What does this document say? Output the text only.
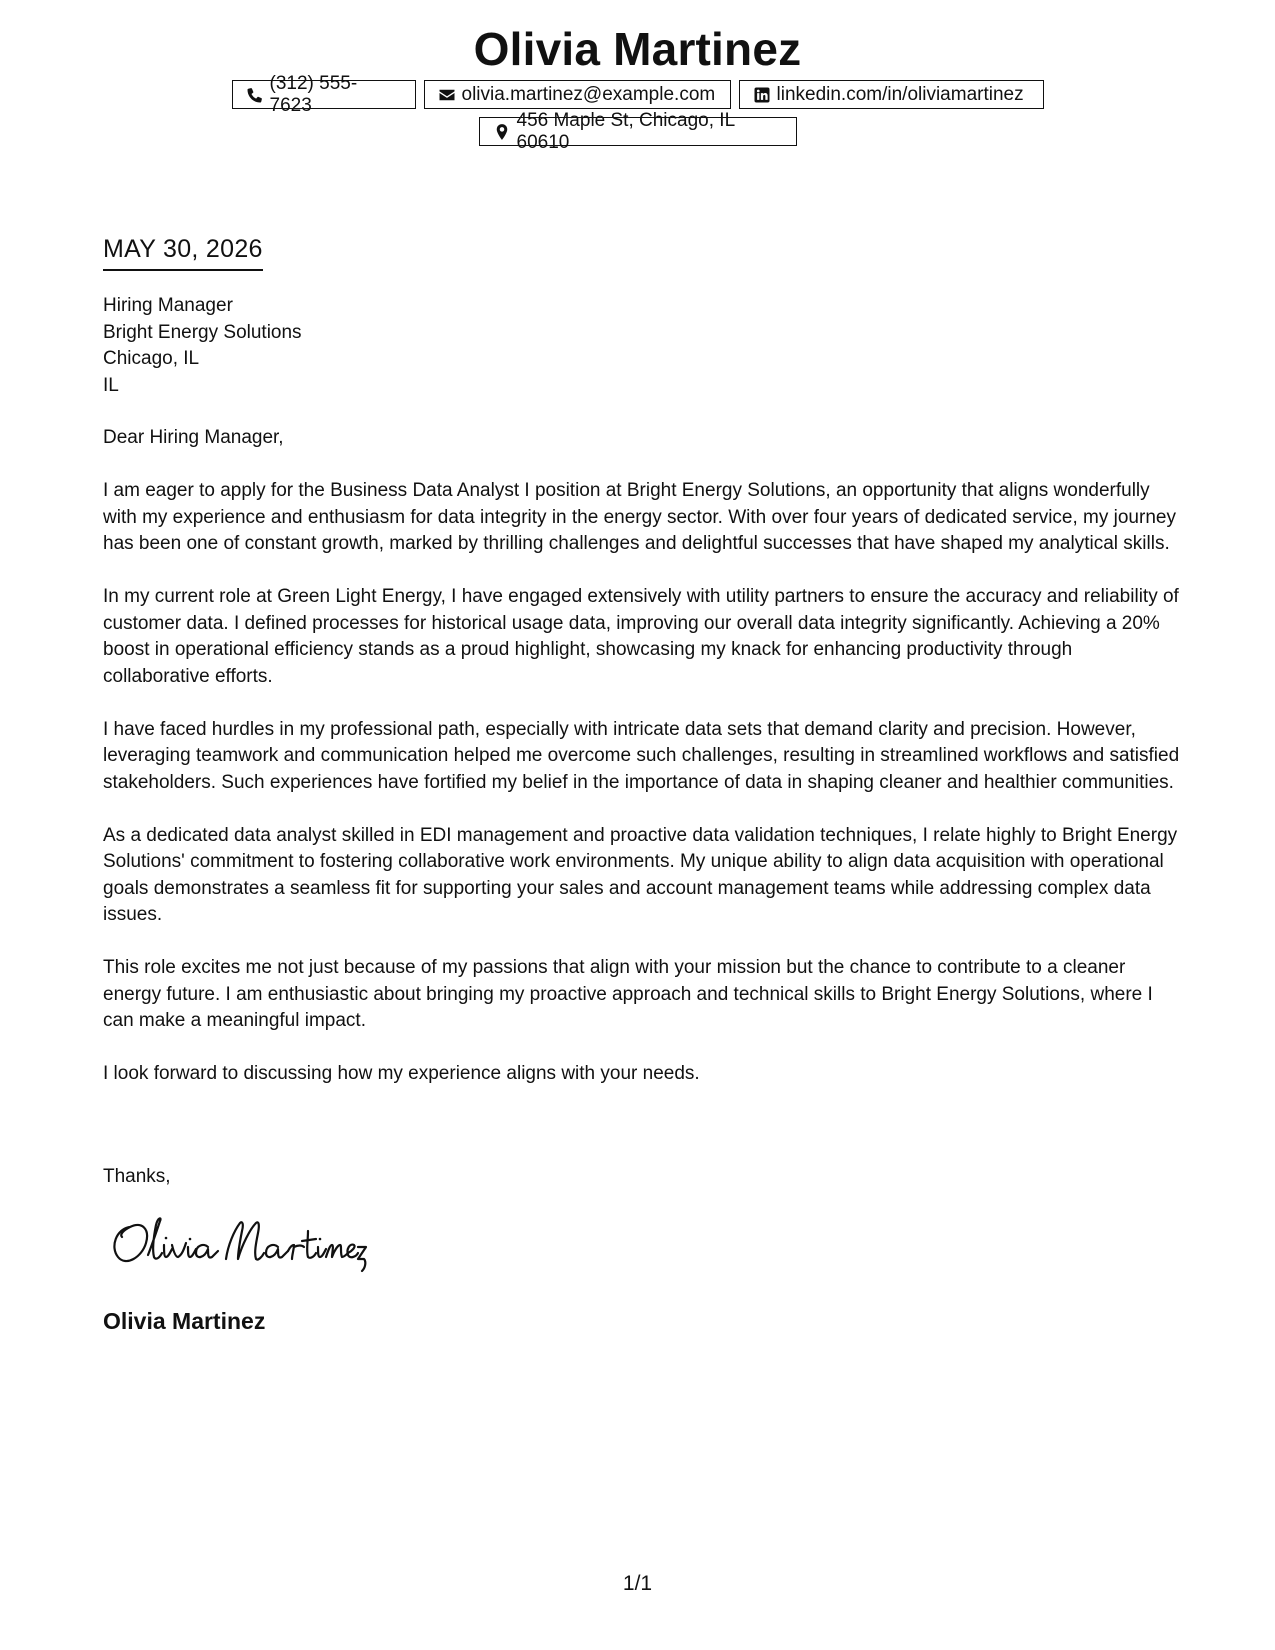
Olivia Martinez
(312) 555-7623
olivia.martinez@example.com	linkedin.com/in/oliviamartinez
456 Maple St, Chicago, IL 60610
MAY 30, 2026
Hiring Manager
Bright Energy Solutions
Chicago, IL
IL

Dear Hiring Manager,

I am eager to apply for the Business Data Analyst I position at Bright Energy Solutions, an opportunity that aligns wonderfully with my experience and enthusiasm for data integrity in the energy sector. With over four years of dedicated service, my journey has been one of constant growth, marked by thrilling challenges and delightful successes that have shaped my analytical skills.

In my current role at Green Light Energy, I have engaged extensively with utility partners to ensure the accuracy and reliability of customer data. I defined processes for historical usage data, improving our overall data integrity significantly. Achieving a 20% boost in operational efficiency stands as a proud highlight, showcasing my knack for enhancing productivity through collaborative efforts.

I have faced hurdles in my professional path, especially with intricate data sets that demand clarity and precision. However, leveraging teamwork and communication helped me overcome such challenges, resulting in streamlined workflows and satisfied stakeholders. Such experiences have fortified my belief in the importance of data in shaping cleaner and healthier communities.

As a dedicated data analyst skilled in EDI management and proactive data validation techniques, I relate highly to Bright Energy Solutions' commitment to fostering collaborative work environments. My unique ability to align data acquisition with operational goals demonstrates a seamless fit for supporting your sales and account management teams while addressing complex data issues.

This role excites me not just because of my passions that align with your mission but the chance to contribute to a cleaner energy future. I am enthusiastic about bringing my proactive approach and technical skills to Bright Energy Solutions, where I can make a meaningful impact.

I look forward to discussing how my experience aligns with your needs.

Thanks,
Olivia Martinez
1/1
